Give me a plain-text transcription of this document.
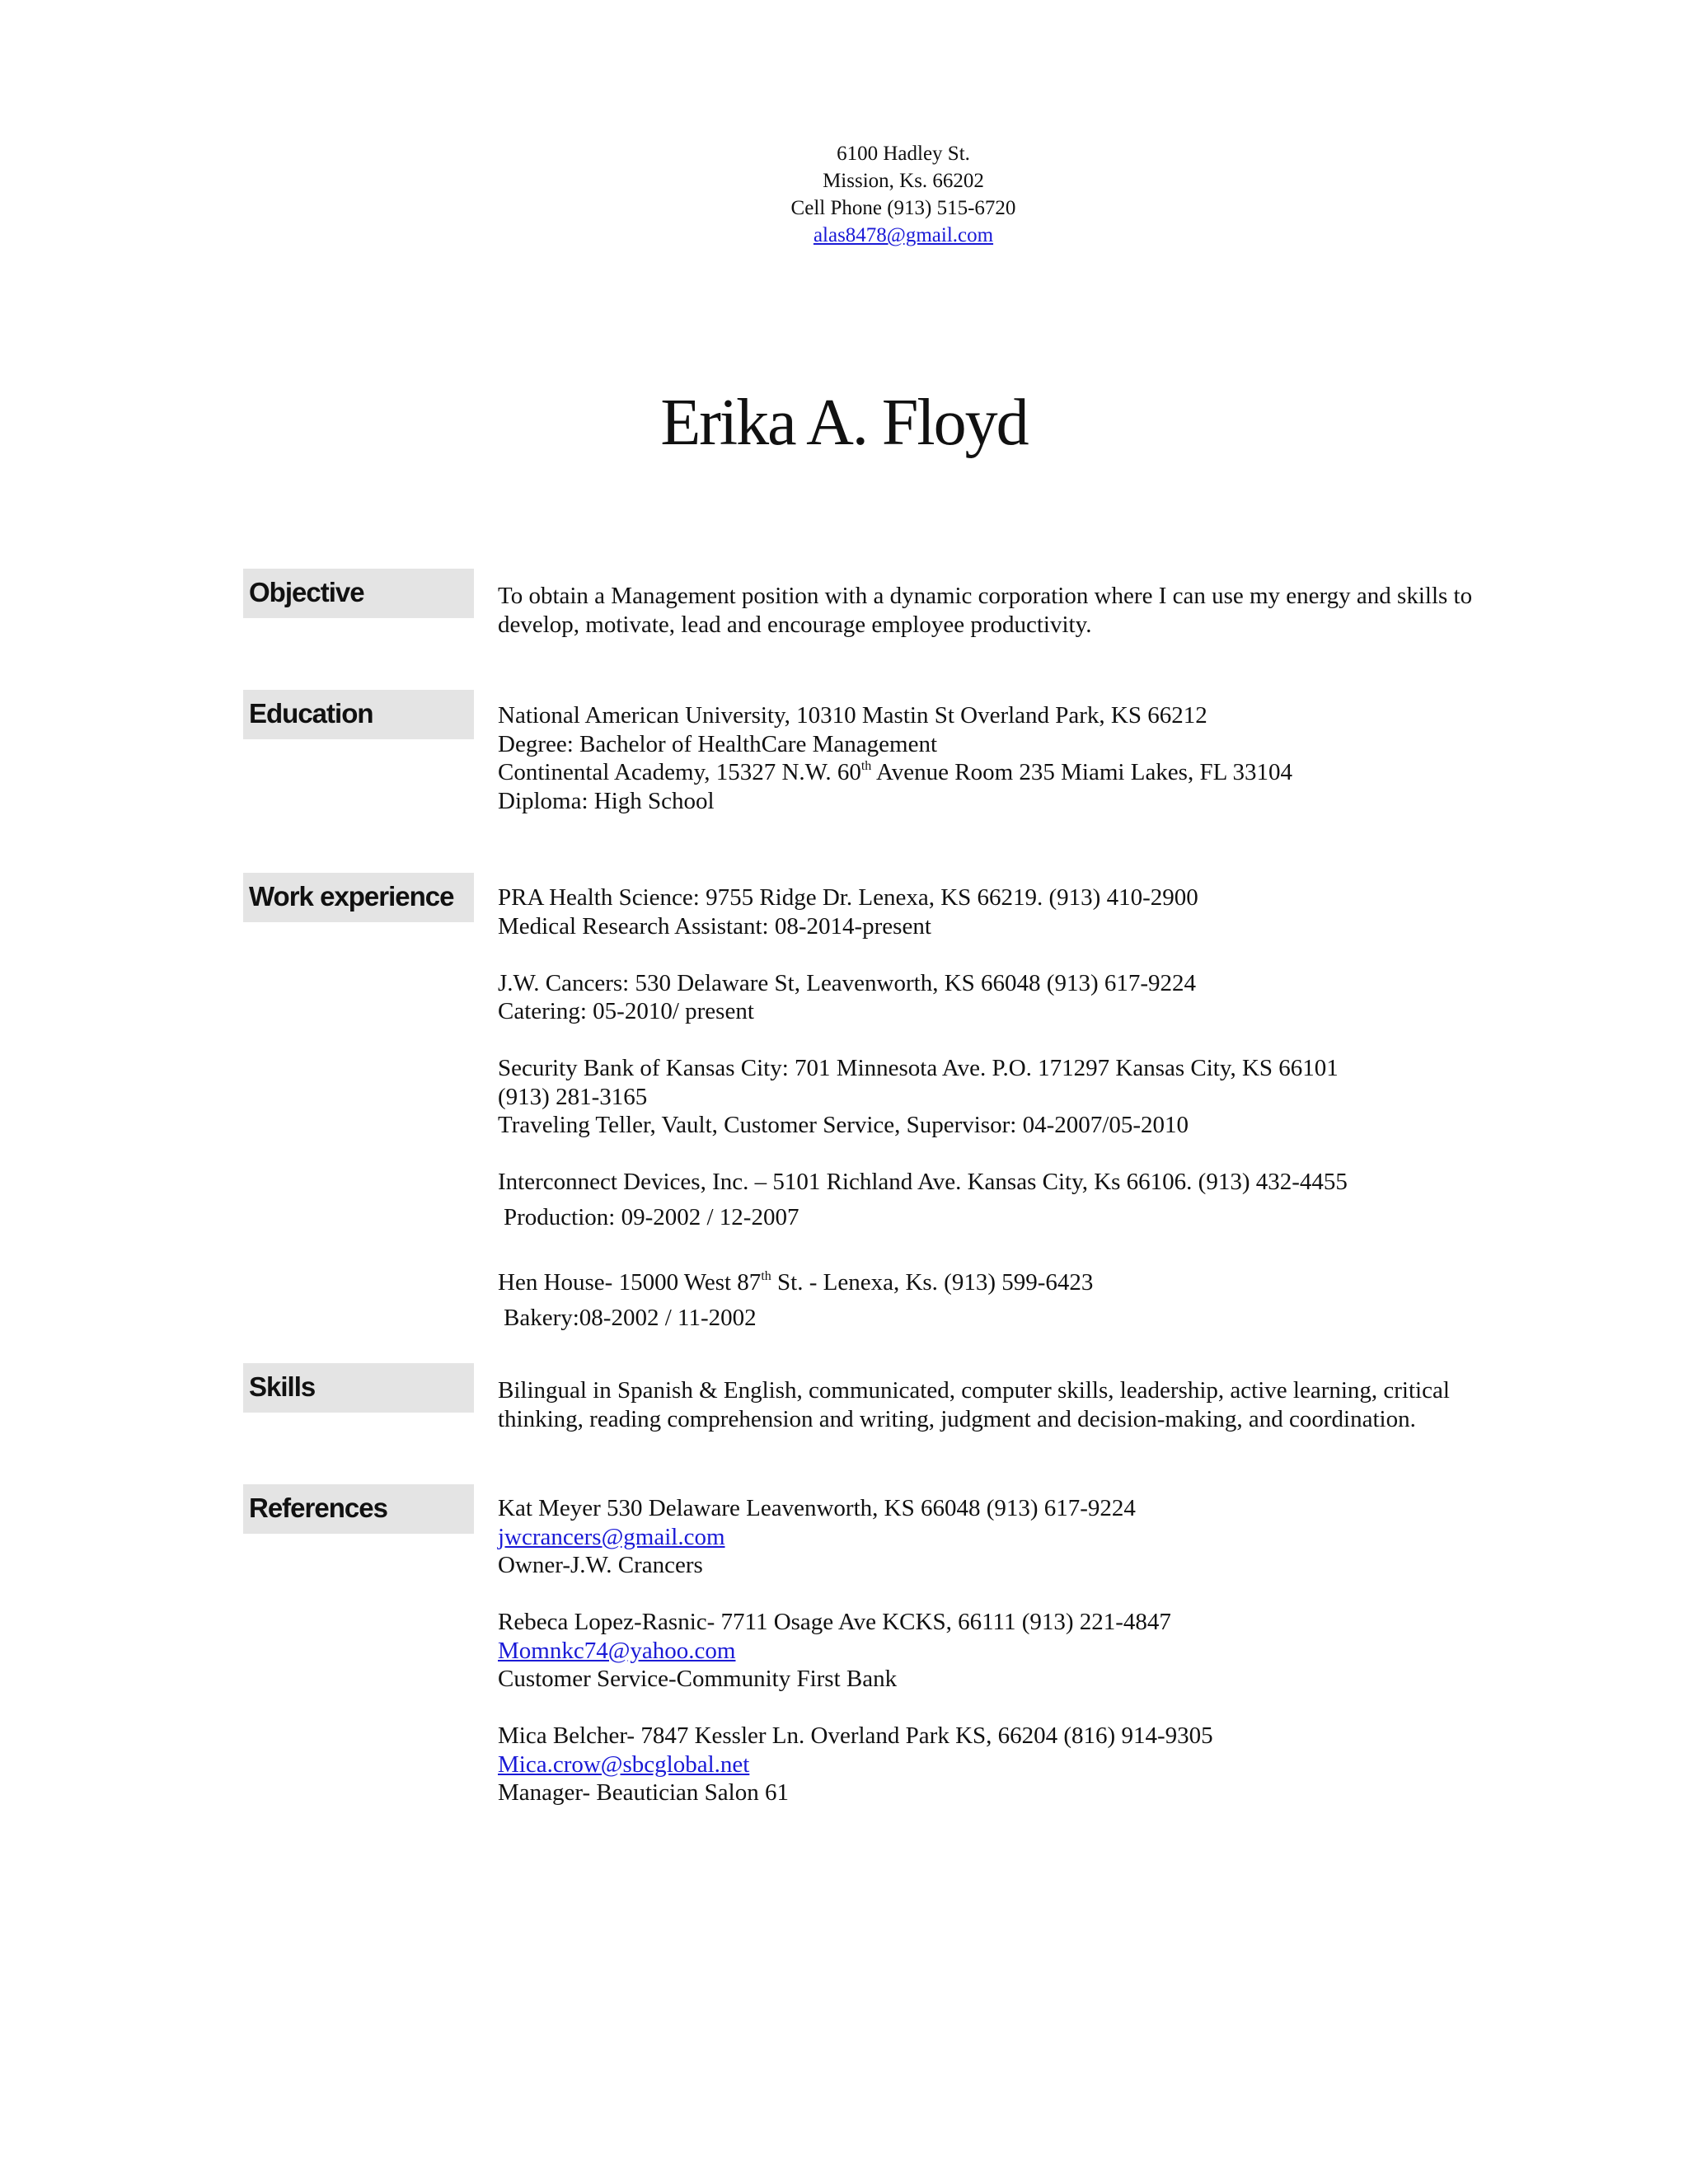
6100 Hadley St.
Mission, Ks. 66202
Cell Phone (913) 515-6720
alas8478@gmail.com
Erika A. Floyd
Objective	To obtain a Management position with a dynamic corporation where I can use my energy and skills to develop, motivate, lead and encourage employee productivity.
Education	National American University, 10310 Mastin St Overland Park, KS 66212
Degree: Bachelor of HealthCare Management
Continental Academy, 15327 N.W. 60th Avenue Room 235 Miami Lakes, FL 33104
Diploma: High School
Work experience	PRA Health Science: 9755 Ridge Dr. Lenexa, KS 66219. (913) 410-2900
Medical Research Assistant: 08-2014-present
J.W. Cancers: 530 Delaware St, Leavenworth, KS 66048 (913) 617-9224
Catering: 05-2010/ present
Security Bank of Kansas City: 701 Minnesota Ave. P.O. 171297 Kansas City, KS 66101
(913) 281-3165
Traveling Teller, Vault, Customer Service, Supervisor: 04-2007/05-2010
Interconnect Devices, Inc. – 5101 Richland Ave. Kansas City, Ks 66106. (913) 432-4455
Production: 09-2002 / 12-2007
Hen House- 15000 West 87th St. - Lenexa, Ks. (913) 599-6423
Bakery:08-2002 / 11-2002
Skills	Bilingual in Spanish & English, communicated, computer skills, leadership, active learning, critical thinking, reading comprehension and writing, judgment and decision-making, and coordination.
References	Kat Meyer 530 Delaware Leavenworth, KS 66048 (913) 617-9224
jwcrancers@gmail.com
Owner-J.W. Crancers
Rebeca Lopez-Rasnic- 7711 Osage Ave KCKS, 66111 (913) 221-4847
Momnkc74@yahoo.com
Customer Service-Community First Bank
Mica Belcher- 7847 Kessler Ln. Overland Park KS, 66204 (816) 914-9305
Mica.crow@sbcglobal.net
Manager- Beautician Salon 61
